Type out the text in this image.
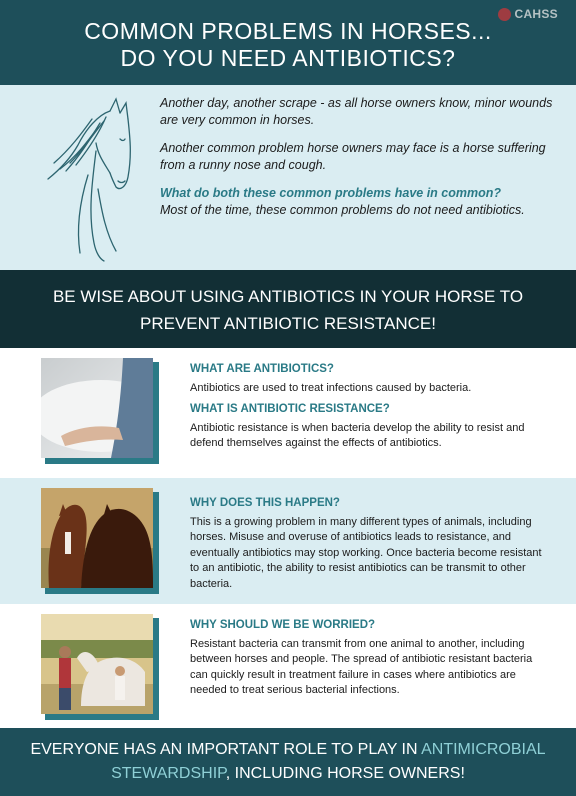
COMMON PROBLEMS IN HORSES...
DO YOU NEED ANTIBIOTICS?
CAHSS

Another day, another scrape - as all horse owners know, minor wounds are very common in horses.

Another common problem horse owners may face is a horse suffering from a runny nose and cough.

What do both these common problems have in common?

Most of the time, these common problems do not need antibiotics.

BE WISE ABOUT USING ANTIBIOTICS IN YOUR HORSE TO
PREVENT ANTIBIOTIC RESISTANCE!
WHAT ARE ANTIBIOTICS?
Antibiotics are used to treat infections caused by bacteria.
WHAT IS ANTIBIOTIC RESISTANCE?
Antibiotic resistance is when bacteria develop the ability to resist and defend themselves against the effects of antibiotics.
WHY DOES THIS HAPPEN?
This is a growing problem in many different types of animals, including horses. Misuse and overuse of antibiotics leads to resistance, and eventually antibiotics may stop working. Once bacteria become resistant to an antibiotic, the ability to resist antibiotics can be transmit to other bacteria.
WHY SHOULD WE BE WORRIED?
Resistant bacteria can transmit from one animal to another, including between horses and people. The spread of antibiotic resistant bacteria can quickly result in treatment failure in cases where antibiotics are needed to treat serious bacterial infections.
EVERYONE HAS AN IMPORTANT ROLE TO PLAY IN ANTIMICROBIAL
STEWARDSHIP, INCLUDING HORSE OWNERS!
